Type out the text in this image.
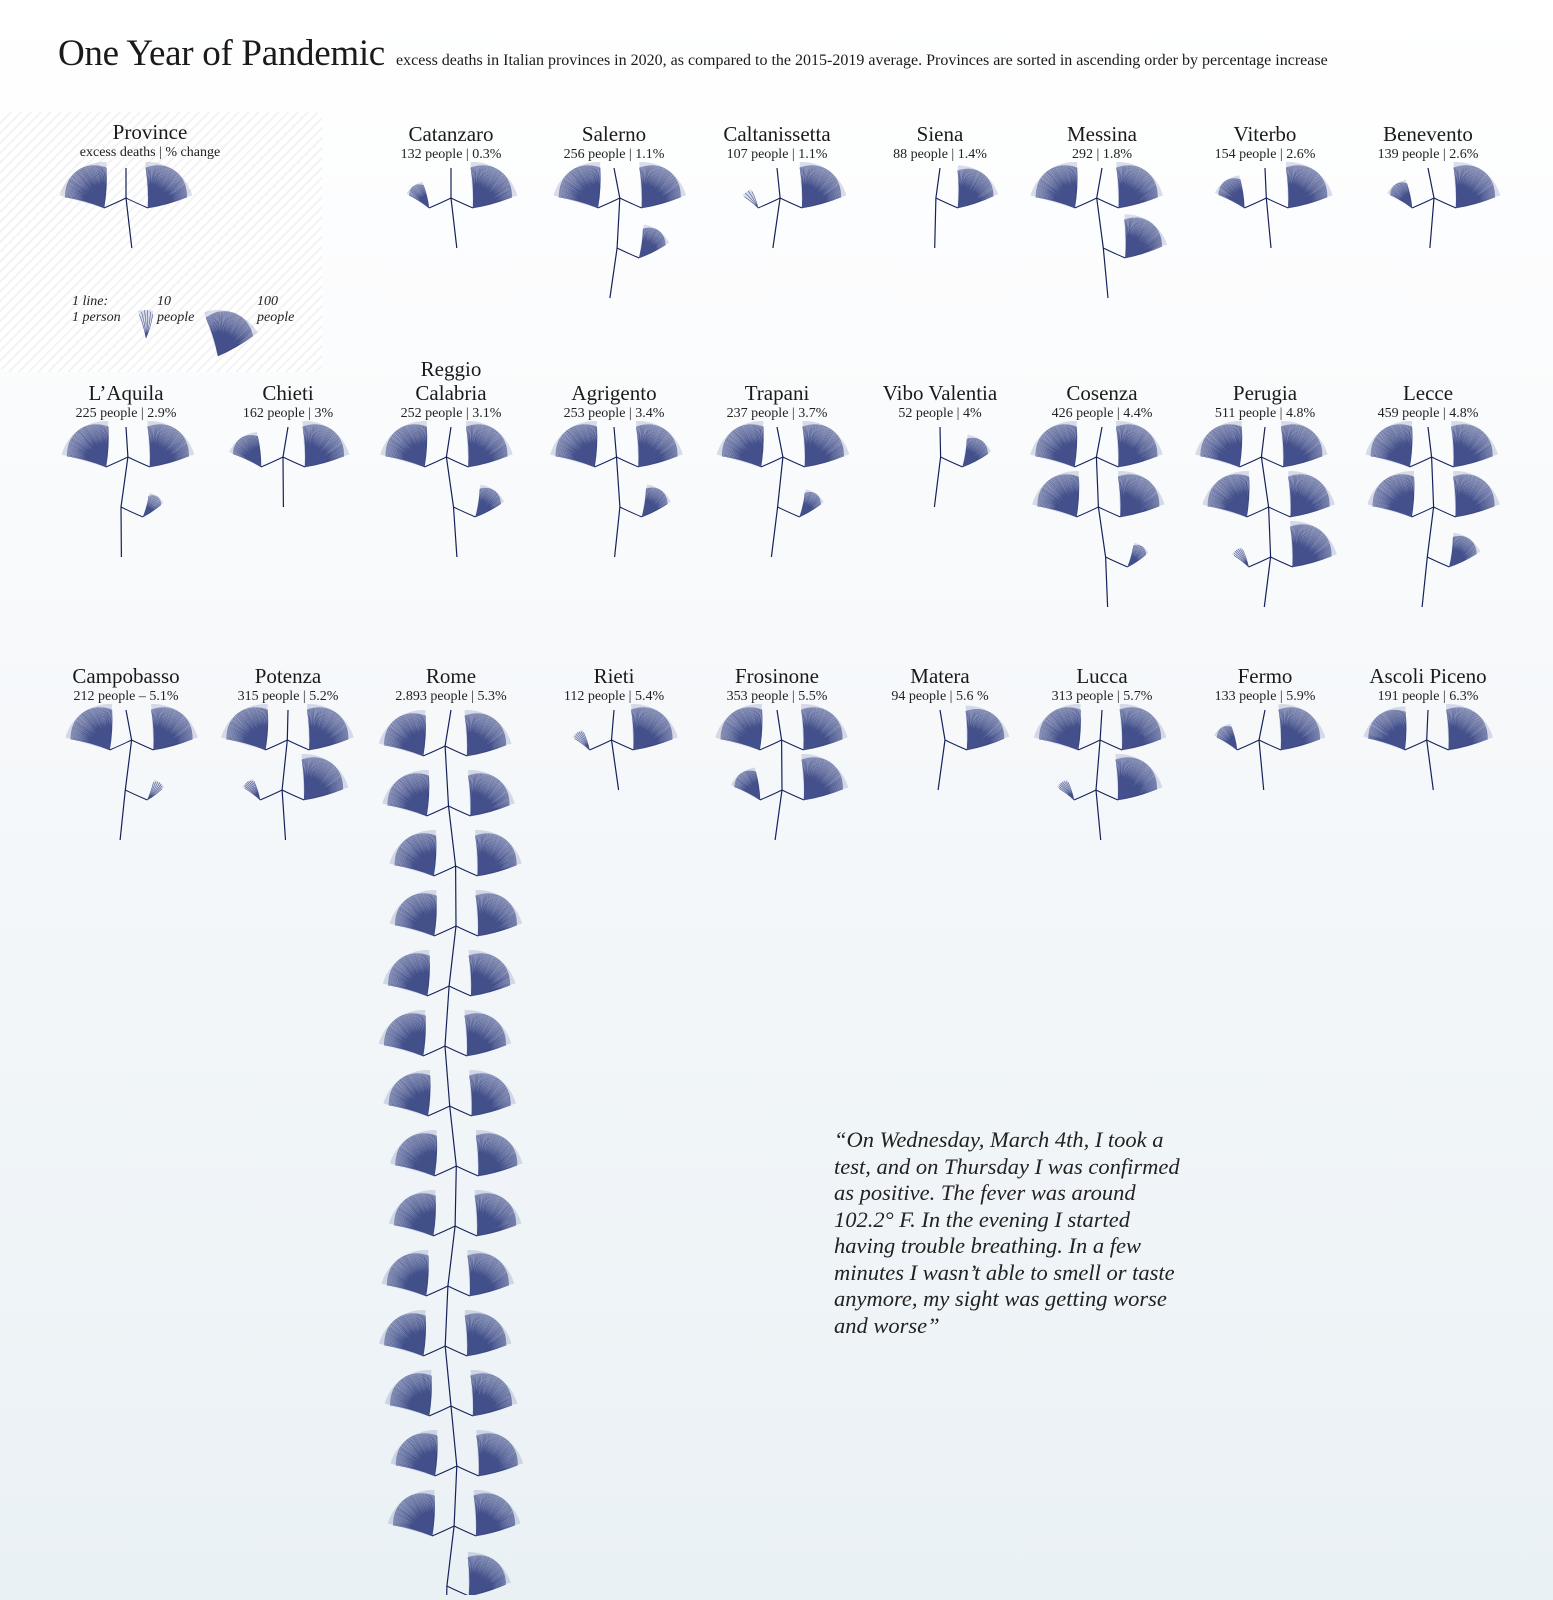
One Year of Pandemic excess deaths in Italian provinces in 2020, as compared to the 2015-2019 average. Provinces are sorted in ascending order by percentage increase
Province
excess deaths | % change
1 line:
1 person
10
people
100
people
Catanzaro
132 people | 0.3%
Salerno
256 people | 1.1%
Caltanissetta
107 people | 1.1%
Siena
88 people | 1.4%
Messina
292 | 1.8%
Viterbo
154 people | 2.6%
Benevento
139 people | 2.6%
L’Aquila
225 people | 2.9%
Chieti
162 people | 3%
Reggio
Calabria
252 people | 3.1%
Agrigento
253 people | 3.4%
Trapani
237 people | 3.7%
Vibo Valentia
52 people | 4%
Cosenza
426 people | 4.4%
Perugia
511 people | 4.8%
Lecce
459 people | 4.8%
Campobasso
212 people – 5.1%
Potenza
315 people | 5.2%
Rome
2.893 people | 5.3%
Rieti
112 people | 5.4%
Frosinone
353 people | 5.5%
Matera
94 people | 5.6 %
Lucca
313 people | 5.7%
Fermo
133 people | 5.9%
Ascoli Piceno
191 people | 6.3%
“On Wednesday, March 4th, I took a test, and on Thursday I was confirmed as positive. The fever was around 102.2° F. In the evening I started having trouble breathing. In a few minutes I wasn’t able to smell or taste anymore, my sight was getting worse and worse”
